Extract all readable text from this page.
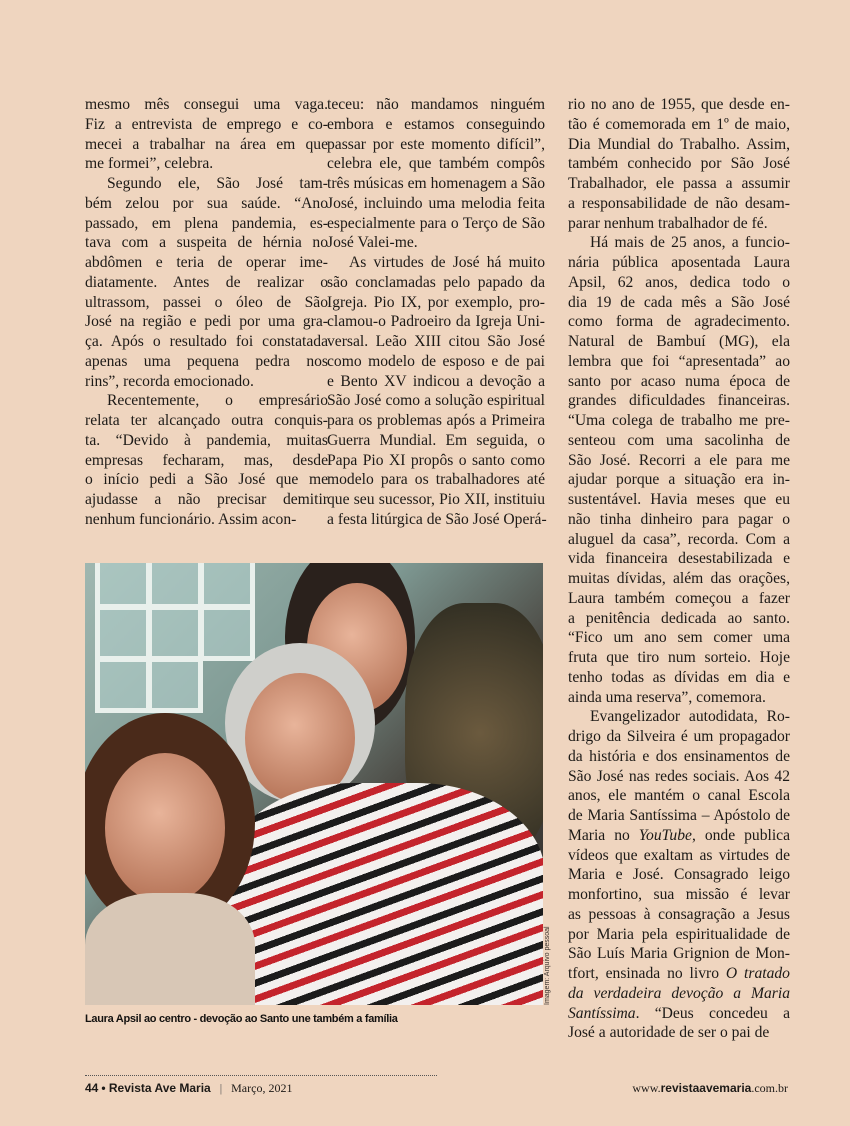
mesmo mês consegui uma vaga.
Fiz a entrevista de emprego e co-
mecei a trabalhar na área em que
me formei”, celebra.
Segundo ele, São José tam-
bém zelou por sua saúde. “Ano
passado, em plena pandemia, es-
tava com a suspeita de hérnia no
abdômen e teria de operar ime-
diatamente. Antes de realizar o
ultrassom, passei o óleo de São
José na região e pedi por uma gra-
ça. Após o resultado foi constatada
apenas uma pequena pedra nos
rins”, recorda emocionado.
Recentemente, o empresário
relata ter alcançado outra conquis-
ta. “Devido à pandemia, muitas
empresas fecharam, mas, desde
o início pedi a São José que me
ajudasse a não precisar demitir
nenhum funcionário. Assim acon-
teceu: não mandamos ninguém
embora e estamos conseguindo
passar por este momento difícil”,
celebra ele, que também compôs
três músicas em homenagem a São
José, incluindo uma melodia feita
especialmente para o Terço de São
José Valei-me.
As virtudes de José há muito
são conclamadas pelo papado da
Igreja. Pio IX, por exemplo, pro-
clamou-o Padroeiro da Igreja Uni-
versal. Leão XIII citou São José
como modelo de esposo e de pai
e Bento XV indicou a devoção a
São José como a solução espiritual
para os problemas após a Primeira
Guerra Mundial. Em seguida, o
Papa Pio XI propôs o santo como
modelo para os trabalhadores até
que seu sucessor, Pio XII, instituiu
a festa litúrgica de São José Operá-
rio no ano de 1955, que desde en-
tão é comemorada em 1º de maio,
Dia Mundial do Trabalho. Assim,
também conhecido por São José
Trabalhador, ele passa a assumir
a responsabilidade de não desam-
parar nenhum trabalhador de fé.
Há mais de 25 anos, a funcio-
nária pública aposentada Laura
Apsil, 62 anos, dedica todo o
dia 19 de cada mês a São José
como forma de agradecimento.
Natural de Bambuí (MG), ela
lembra que foi “apresentada” ao
santo por acaso numa época de
grandes dificuldades financeiras.
“Uma colega de trabalho me pre-
senteou com uma sacolinha de
São José. Recorri a ele para me
ajudar porque a situação era in-
sustentável. Havia meses que eu
não tinha dinheiro para pagar o
aluguel da casa”, recorda. Com a
vida financeira desestabilizada e
muitas dívidas, além das orações,
Laura também começou a fazer
a penitência dedicada ao santo.
“Fico um ano sem comer uma
fruta que tiro num sorteio. Hoje
tenho todas as dívidas em dia e
ainda uma reserva”, comemora.
Evangelizador autodidata, Ro-
drigo da Silveira é um propagador
da história e dos ensinamentos de
São José nas redes sociais. Aos 42
anos, ele mantém o canal Escola
de Maria Santíssima – Apóstolo de
Maria no YouTube, onde publica
vídeos que exaltam as virtudes de
Maria e José. Consagrado leigo
monfortino, sua missão é levar
as pessoas à consagração a Jesus
por Maria pela espiritualidade de
São Luís Maria Grignion de Mon-
tfort, ensinada no livro O tratado
da verdadeira devoção a Maria
Santíssima. “Deus concedeu a
José a autoridade de ser o pai de
Imagem: Arquivo pessoal
Laura Apsil ao centro - devoção ao Santo une também a família
44 • Revista Ave Maria | Março, 2021	www.revistaavemaria.com.br
